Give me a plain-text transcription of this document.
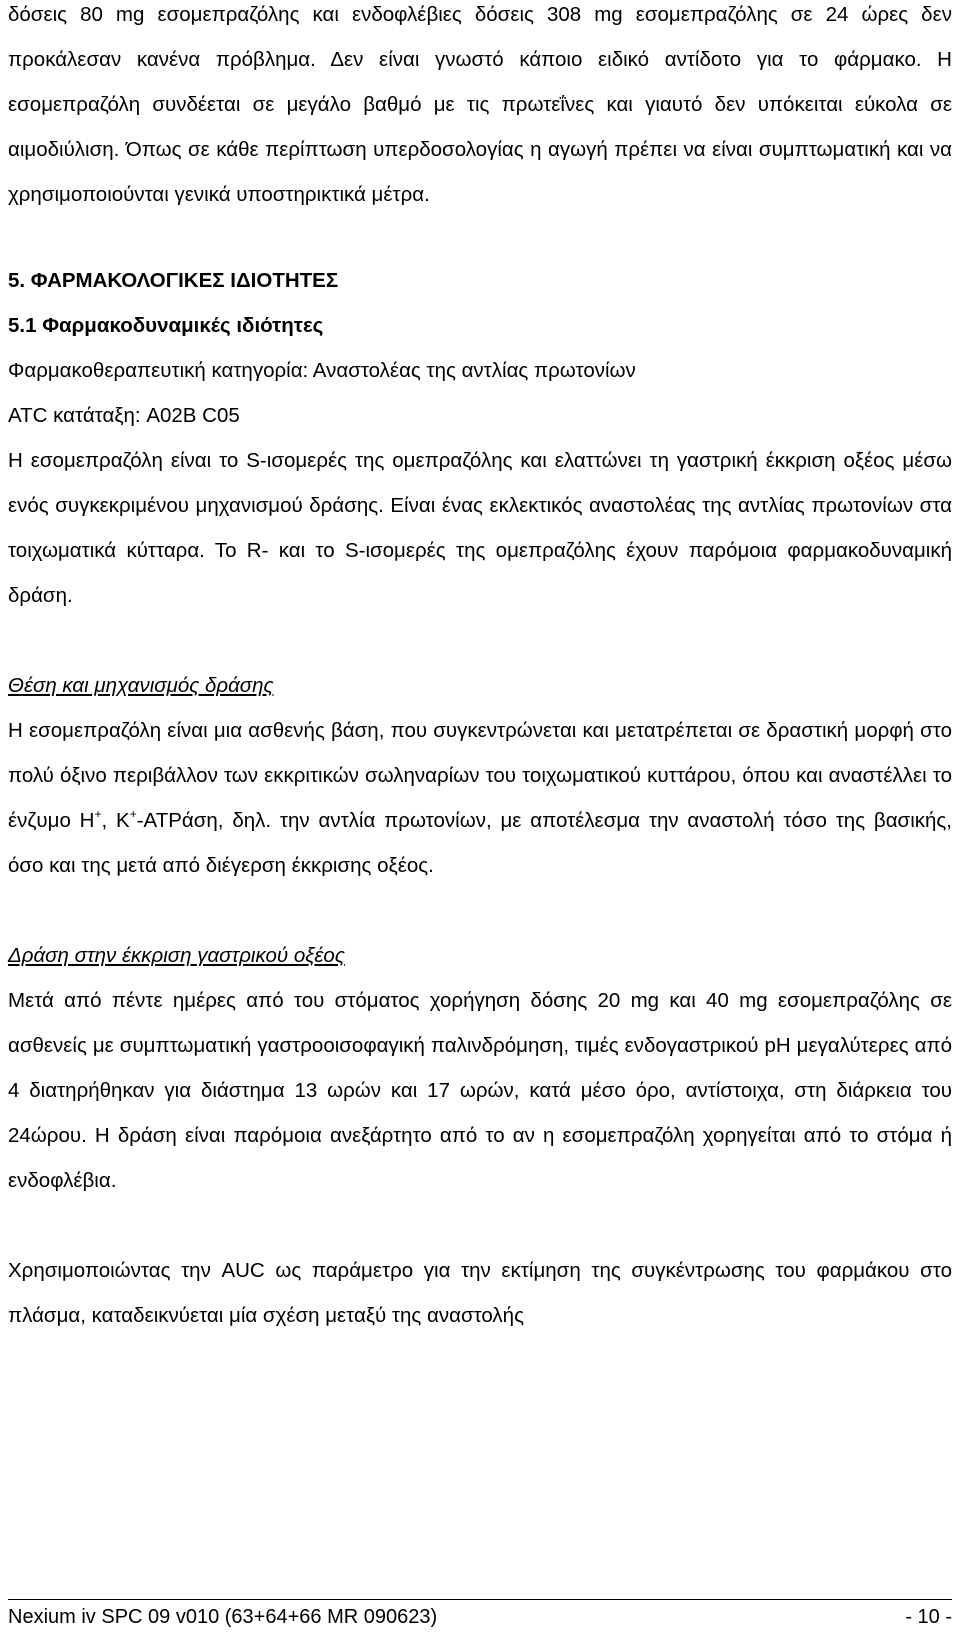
δόσεις 80 mg εσομεπραζόλης και ενδοφλέβιες δόσεις 308 mg εσομεπραζόλης σε 24 ώρες δεν προκάλεσαν κανένα πρόβλημα. Δεν είναι γνωστό κάποιο ειδικό αντίδοτο για το φάρμακο. Η εσομεπραζόλη συνδέεται σε μεγάλο βαθμό με τις πρωτεΐνες και γιαυτό δεν υπόκειται εύκολα σε αιμοδιύλιση. Όπως σε κάθε περίπτωση υπερδοσολογίας η αγωγή πρέπει να είναι συμπτωματική και να χρησιμοποιούνται γενικά υποστηρικτικά μέτρα.

5. ΦΑΡΜΑΚΟΛΟΓΙΚΕΣ ΙΔΙΟΤΗΤΕΣ
5.1 Φαρμακοδυναμικές ιδιότητες
Φαρμακοθεραπευτική κατηγορία: Αναστολέας της αντλίας πρωτονίων
ATC κατάταξη: A02B C05

Η εσομεπραζόλη είναι το S-ισομερές της ομεπραζόλης και ελαττώνει τη γαστρική έκκριση οξέος μέσω ενός συγκεκριμένου μηχανισμού δράσης. Είναι ένας εκλεκτικός αναστολέας της αντλίας πρωτονίων στα τοιχωματικά κύτταρα. Το R- και το S-ισομερές της ομεπραζόλης έχουν παρόμοια φαρμακοδυναμική δράση.

Θέση και μηχανισμός δράσης

Η εσομεπραζόλη είναι μια ασθενής βάση, που συγκεντρώνεται και μετατρέπεται σε δραστική μορφή στο πολύ όξινο περιβάλλον των εκκριτικών σωληναρίων του τοιχωματικού κυττάρου, όπου και αναστέλλει το ένζυμο H+, K+-ATPάση, δηλ. την αντλία πρωτονίων, με αποτέλεσμα την αναστολή τόσο της βασικής, όσο και της μετά από διέγερση έκκρισης οξέος.

Δράση στην έκκριση γαστρικού οξέος

Μετά από πέντε ημέρες από του στόματος χορήγηση δόσης 20 mg και 40 mg εσομεπραζόλης σε ασθενείς με συμπτωματική γαστροοισοφαγική παλινδρόμηση, τιμές ενδογαστρικού pH μεγαλύτερες από 4 διατηρήθηκαν για διάστημα 13 ωρών και 17 ωρών, κατά μέσο όρο, αντίστοιχα, στη διάρκεια του 24ώρου. Η δράση είναι παρόμοια ανεξάρτητο από το αν η εσομεπραζόλη χορηγείται από το στόμα ή ενδοφλέβια.

Χρησιμοποιώντας την AUC ως παράμετρο για την εκτίμηση της συγκέντρωσης του φαρμάκου στο πλάσμα, καταδεικνύεται μία σχέση μεταξύ της αναστολής

Nexium iv SPC 09 v010 (63+64+66 MR 090623)	- 10 -
